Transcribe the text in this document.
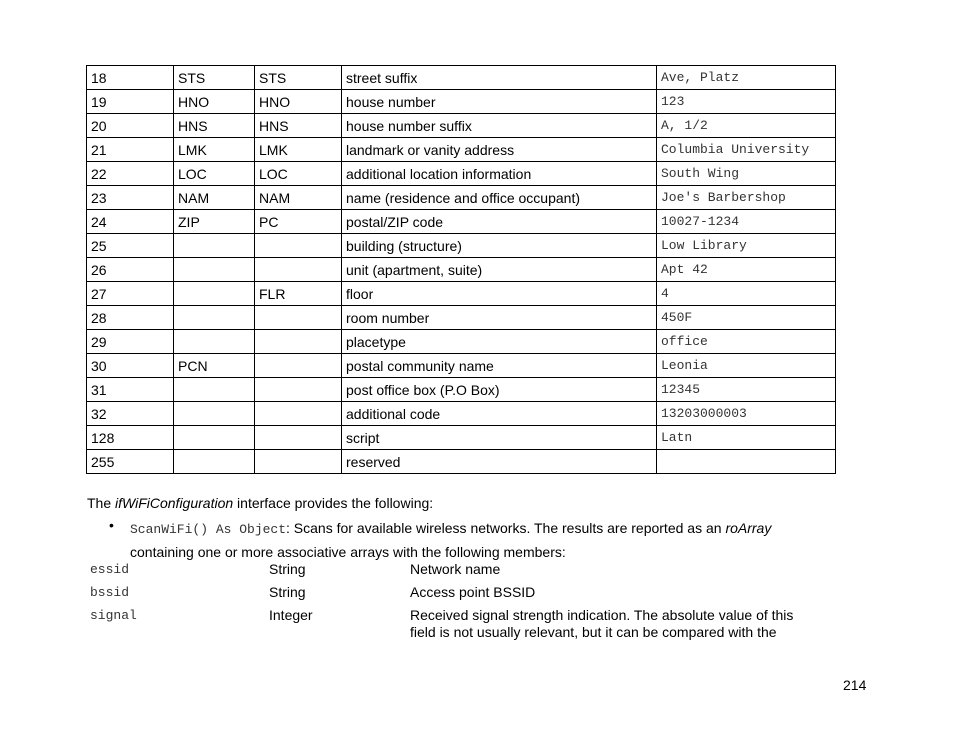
18	STS	STS	street suffix	Ave, Platz
19	HNO	HNO	house number	123
20	HNS	HNS	house number suffix	A, 1/2
21	LMK	LMK	landmark or vanity address	Columbia University
22	LOC	LOC	additional location information	South Wing
23	NAM	NAM	name (residence and office occupant)	Joe's Barbershop
24	ZIP	PC	postal/ZIP code	10027-1234
25			building (structure)	Low Library
26			unit (apartment, suite)	Apt 42
27		FLR	floor	4
28			room number	450F
29			placetype	office
30	PCN		postal community name	Leonia
31			post office box (P.O Box)	12345
32			additional code	13203000003
128			script	Latn
255			reserved	
The ifWiFiConfiguration interface provides the following:
• ScanWiFi() As Object: Scans for available wireless networks. The results are reported as an roArray containing one or more associative arrays with the following members:
essid	String	Network name
bssid	String	Access point BSSID
signal	Integer	Received signal strength indication. The absolute value of this field is not usually relevant, but it can be compared with the
214
